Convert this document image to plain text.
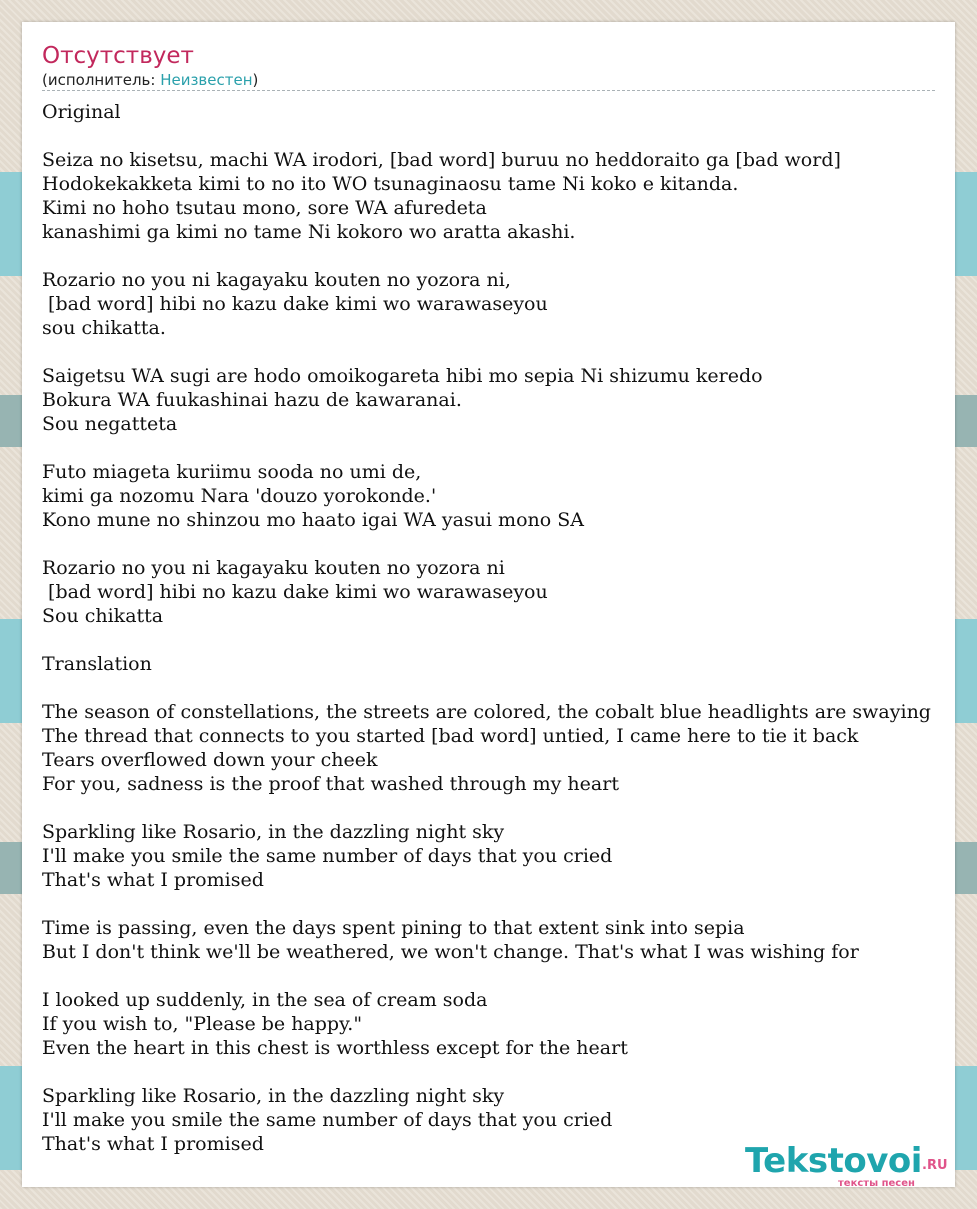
Отсутствует
(исполнитель: Неизвестен)
Original
Seiza no kisetsu, machi WA irodori, [bad word] buruu no heddoraito ga [bad word]
Hodokekakketa kimi to no ito WO tsunaginaosu tame Ni koko e kitanda.
Kimi no hoho tsutau mono, sore WA afuredeta
kanashimi ga kimi no tame Ni kokoro wo aratta akashi.
Rozario no you ni kagayaku kouten no yozora ni,
[bad word] hibi no kazu dake kimi wo warawaseyou
sou chikatta.
Saigetsu WA sugi are hodo omoikogareta hibi mo sepia Ni shizumu keredo
Bokura WA fuukashinai hazu de kawaranai.
Sou negatteta
Futo miageta kuriimu sooda no umi de,
kimi ga nozomu Nara 'douzo yorokonde.'
Kono mune no shinzou mo haato igai WA yasui mono SA
Rozario no you ni kagayaku kouten no yozora ni
[bad word] hibi no kazu dake kimi wo warawaseyou
Sou chikatta
Translation
The season of constellations, the streets are colored, the cobalt blue headlights are swaying
The thread that connects to you started [bad word] untied, I came here to tie it back
Tears overflowed down your cheek
For you, sadness is the proof that washed through my heart
Sparkling like Rosario, in the dazzling night sky
I'll make you smile the same number of days that you cried
That's what I promised
Time is passing, even the days spent pining to that extent sink into sepia
But I don't think we'll be weathered, we won't change. That's what I was wishing for
I looked up suddenly, in the sea of cream soda
If you wish to, "Please be happy."
Even the heart in this chest is worthless except for the heart
Sparkling like Rosario, in the dazzling night sky
I'll make you smile the same number of days that you cried
That's what I promised	Tekstovoi .RU
тексты песен
